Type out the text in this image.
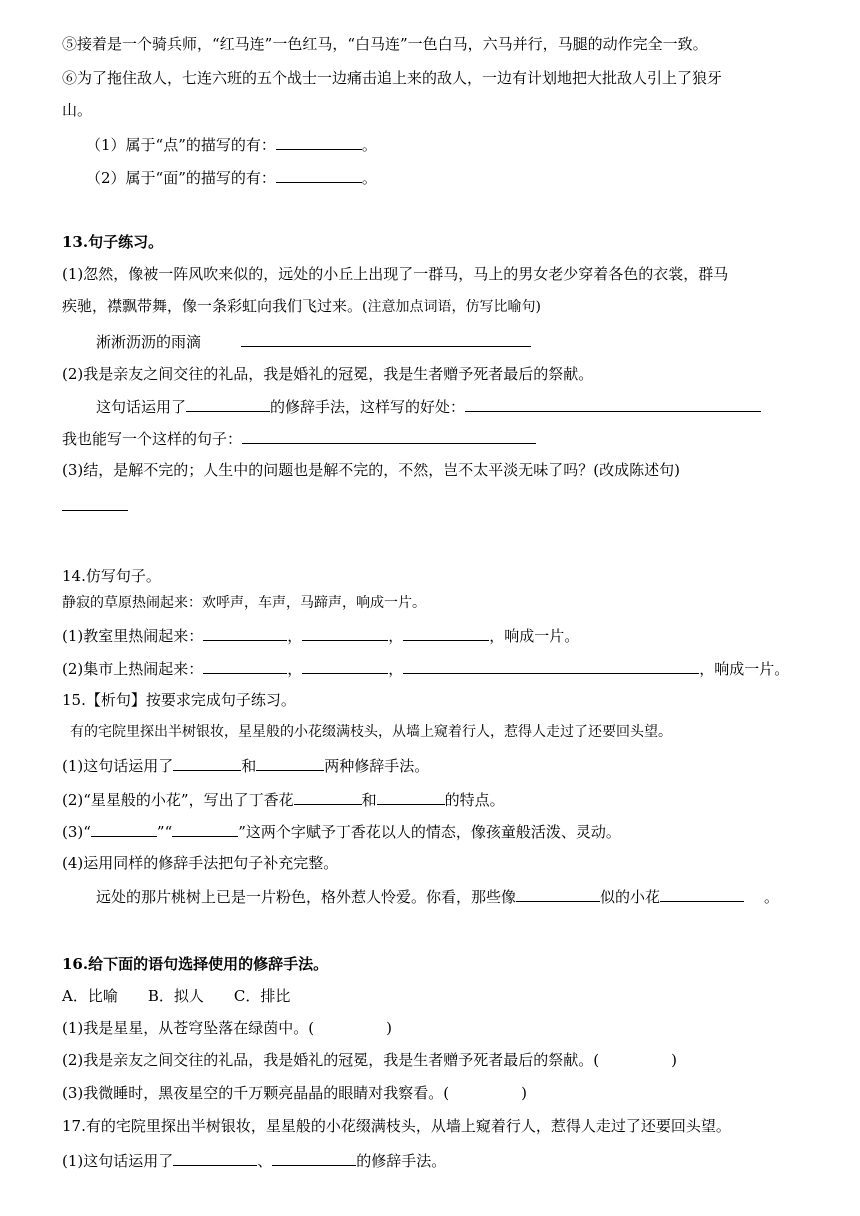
⑤接着是一个骑兵师，“红马连”一色红马，“白马连”一色白马，六马并行，马腿的动作完全一致。
⑥为了拖住敌人，七连六班的五个战士一边痛击追上来的敌人，一边有计划地把大批敌人引上了狼牙
山。
（1）属于“点”的描写的有：	。
（2）属于“面”的描写的有：	。
13.句子练习。
(1)忽然，像被一阵风吹来似的，远处的小丘上出现了一群马，马上的男女老少穿着各色的衣裳，群马
疾驰，襟飘带舞，像一条彩虹向我们飞过来。(注意加点词语，仿写比喻句)
淅淅沥沥的雨滴
(2)我是亲友之间交往的礼品，我是婚礼的冠冕，我是生者赠予死者最后的祭献。
这句话运用了	的修辞手法，这样写的好处：
我也能写一个这样的句子：
(3)结，是解不完的；人生中的问题也是解不完的，不然，岂不太平淡无味了吗？(改成陈述句)
14.仿写句子。
静寂的草原热闹起来：欢呼声，车声，马蹄声，响成一片。
(1)教室里热闹起来：	，	，	，响成一片。
(2)集市上热闹起来：	，	，	，响成一片。
15.【析句】按要求完成句子练习。
有的宅院里探出半树银妆，星星般的小花缀满枝头，从墙上窥着行人，惹得人走过了还要回头望。
(1)这句话运用了	和	两种修辞手法。
(2)“星星般的小花”，写出了丁香花	和	的特点。
(3)“	”“	”这两个字赋予丁香花以人的情态，像孩童般活泼、灵动。
(4)运用同样的修辞手法把句子补充完整。
远处的那片桃树上已是一片粉色，格外惹人怜爱。你看，那些像	似的小花	。
16.给下面的语句选择使用的修辞手法。
A．比喻　　B．拟人　　C．排比
(1)我是星星，从苍穹坠落在绿茵中。(	)
(2)我是亲友之间交往的礼品，我是婚礼的冠冕，我是生者赠予死者最后的祭献。(	)
(3)我微睡时，黑夜星空的千万颗亮晶晶的眼睛对我察看。(	)
17.有的宅院里探出半树银妆，星星般的小花缀满枝头，从墙上窥着行人，惹得人走过了还要回头望。
(1)这句话运用了	、	的修辞手法。
